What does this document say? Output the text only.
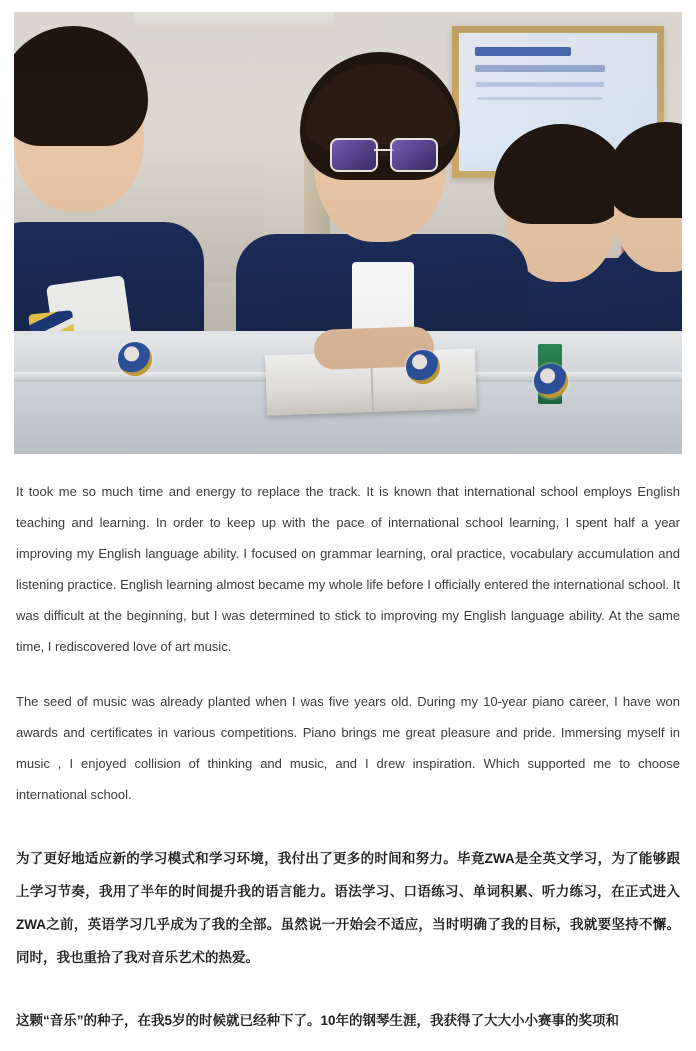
It took me so much time and energy to replace the track. It is known that international school employs English teaching and learning. In order to keep up with the pace of international school learning, I spent half a year improving my English language ability. I focused on grammar learning, oral practice, vocabulary accumulation and listening practice. English learning almost became my whole life before I officially entered the international school. It was difficult at the beginning, but I was determined to stick to improving my English language ability. At the same time, I rediscovered love of art music.

The seed of music was already planted when I was five years old. During my 10-year piano career, I have won awards and certificates in various competitions. Piano brings me great pleasure and pride. Immersing myself in music , I enjoyed collision of thinking and music, and I drew inspiration. Which supported me to choose international school.

为了更好地适应新的学习模式和学习环境，我付出了更多的时间和努力。毕竟ZWA是全英文学习，为了能够跟上学习节奏，我用了半年的时间提升我的语言能力。语法学习、口语练习、单词积累、听力练习，在正式进入ZWA之前，英语学习几乎成为了我的全部。虽然说一开始会不适应，当时明确了我的目标，我就要坚持不懈。同时，我也重拾了我对音乐艺术的热爱。

这颗“音乐”的种子，在我5岁的时候就已经种下了。10年的钢琴生涯，我获得了大大小小赛事的奖项和
